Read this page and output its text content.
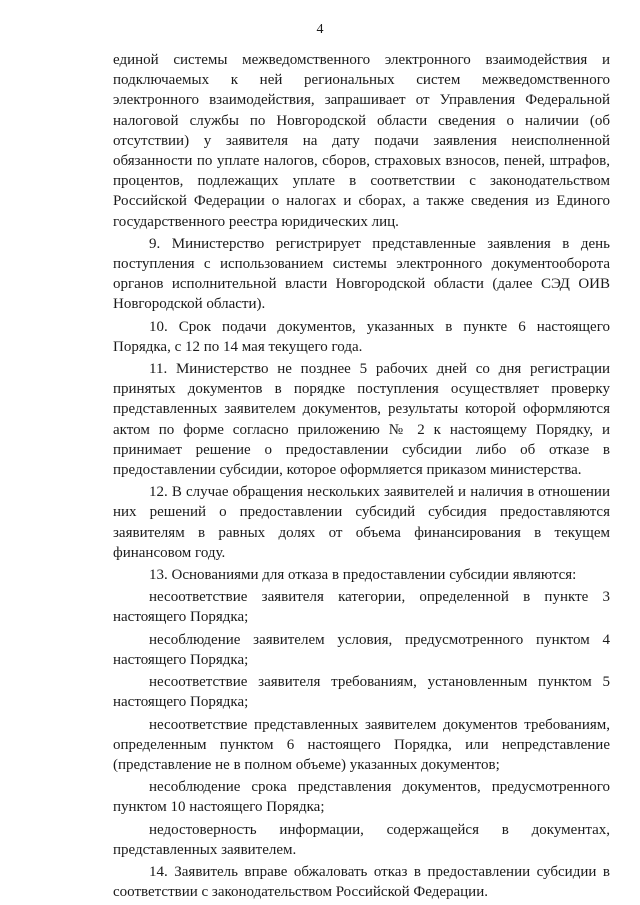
4

единой системы межведомственного электронного взаимодействия и подключаемых к ней региональных систем межведомственного электронного взаимодействия, запрашивает от Управления Федеральной налоговой службы по Новгородской области сведения о наличии (об отсутствии) у заявителя на дату подачи заявления неисполненной обязанности по уплате налогов, сборов, страховых взносов, пеней, штрафов, процентов, подлежащих уплате в соответствии с законодательством Российской Федерации о налогах и сборах, а также сведения из Единого государственного реестра юридических лиц.

9. Министерство регистрирует представленные заявления в день поступления с использованием системы электронного документооборота органов исполнительной власти Новгородской области (далее СЭД ОИВ Новгородской области).

10. Срок подачи документов, указанных в пункте 6 настоящего Порядка, с 12 по 14 мая текущего года.

11. Министерство не позднее 5 рабочих дней со дня регистрации принятых документов в порядке поступления осуществляет проверку представленных заявителем документов, результаты которой оформляются актом по форме согласно приложению № 2 к настоящему Порядку, и принимает решение о предоставлении субсидии либо об отказе в предоставлении субсидии, которое оформляется приказом министерства.

12. В случае обращения нескольких заявителей и наличия в отношении них решений о предоставлении субсидий субсидия предоставляются заявителям в равных долях от объема финансирования в текущем финансовом году.

13. Основаниями для отказа в предоставлении субсидии являются:

несоответствие заявителя категории, определенной в пункте 3 настоящего Порядка;

несоблюдение заявителем условия, предусмотренного пунктом 4 настоящего Порядка;

несоответствие заявителя требованиям, установленным пунктом 5 настоящего Порядка;

несоответствие представленных заявителем документов требованиям, определенным пунктом 6 настоящего Порядка, или непредставление (представление не в полном объеме) указанных документов;

несоблюдение срока представления документов, предусмотренного пунктом 10 настоящего Порядка;

недостоверность информации, содержащейся в документах, представленных заявителем.

14. Заявитель вправе обжаловать отказ в предоставлении субсидии в соответствии с законодательством Российской Федерации.
